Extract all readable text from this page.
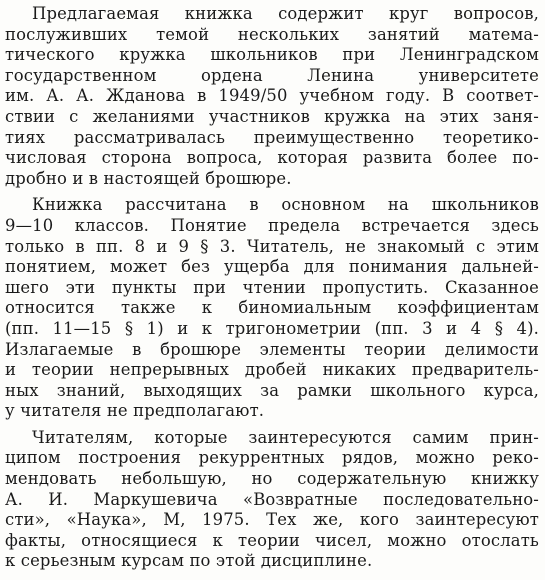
Предлагаемая книжка содержит круг вопросов,
послуживших темой нескольких занятий матема-
тического кружка школьников при Ленинградском
государственном ордена Ленина университете
им. А. А. Жданова в 1949/50 учебном году. В соответ-
ствии с желаниями участников кружка на этих заня-
тиях рассматривалась преимущественно теоретико-
числовая сторона вопроса, которая развита более по-
дробно и в настоящей брошюре.
Книжка рассчитана в основном на школьников
9—10 классов. Понятие предела встречается здесь
только в пп. 8 и 9 § 3. Читатель, не знакомый с этим
понятием, может без ущерба для понимания дальней-
шего эти пункты при чтении пропустить. Сказанное
относится также к биномиальным коэффициентам
(пп. 11—15 § 1) и к тригонометрии (пп. 3 и 4 § 4).
Излагаемые в брошюре элементы теории делимости
и теории непрерывных дробей никаких предваритель-
ных знаний, выходящих за рамки школьного курса,
у читателя не предполагают.
Читателям, которые заинтересуются самим прин-
ципом построения рекуррентных рядов, можно реко-
мендовать небольшую, но содержательную книжку
А. И. Маркушевича «Возвратные последовательно-
сти», «Наука», М, 1975. Тех же, кого заинтересуют
факты, относящиеся к теории чисел, можно отослать
к серьезным курсам по этой дисциплине.
